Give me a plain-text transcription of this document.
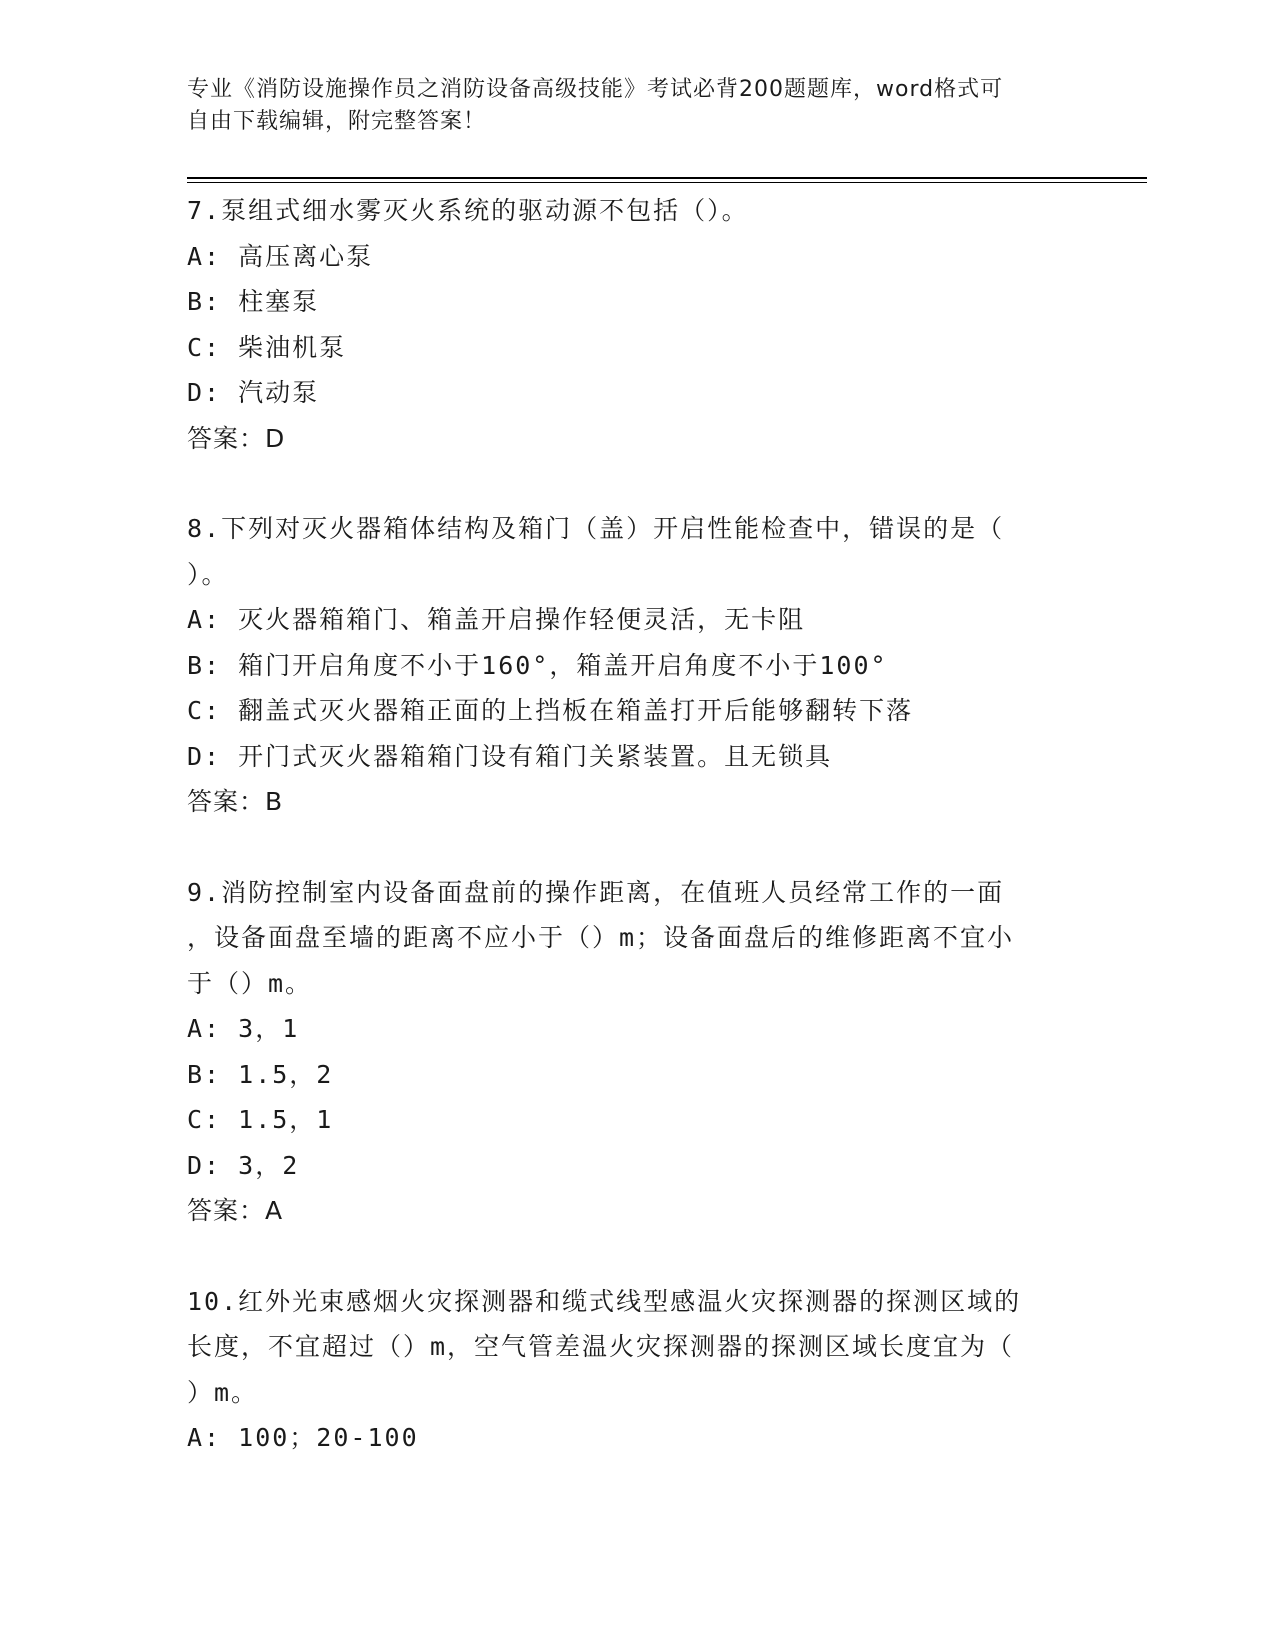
专业《消防设施操作员之消防设备高级技能》考试必背200题题库，word格式可
自由下载编辑，附完整答案！
7.泵组式细水雾灭火系统的驱动源不包括（）。
A: 高压离心泵
B: 柱塞泵
C: 柴油机泵
D: 汽动泵
答案：D
8.下列对灭火器箱体结构及箱门（盖）开启性能检查中，错误的是（
）。
A: 灭火器箱箱门、箱盖开启操作轻便灵活，无卡阻
B: 箱门开启角度不小于160°，箱盖开启角度不小于100°
C: 翻盖式灭火器箱正面的上挡板在箱盖打开后能够翻转下落
D: 开门式灭火器箱箱门设有箱门关紧装置。且无锁具
答案：B
9.消防控制室内设备面盘前的操作距离，在值班人员经常工作的一面
，设备面盘至墙的距离不应小于（）m；设备面盘后的维修距离不宜小
于（）m。
A: 3，1
B: 1.5，2
C: 1.5，1
D: 3，2
答案：A
10.红外光束感烟火灾探测器和缆式线型感温火灾探测器的探测区域的
长度，不宜超过（）m，空气管差温火灾探测器的探测区域长度宜为（
）m。
A: 100；20-100
